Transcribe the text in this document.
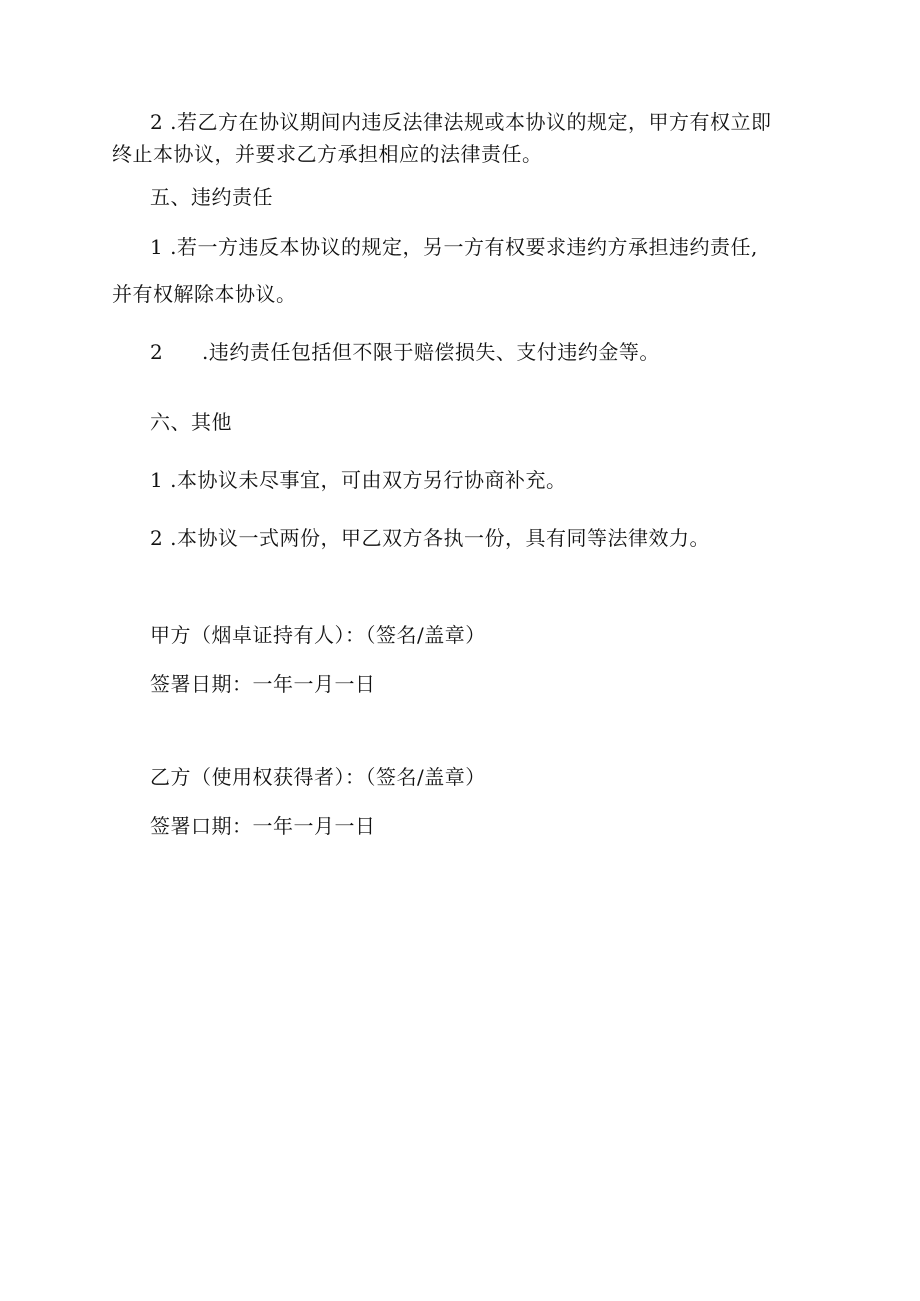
2 .若乙方在协议期间内违反法律法规或本协议的规定，甲方有权立即
终止本协议，并要求乙方承担相应的法律责任。
五、违约责任
1 .若一方违反本协议的规定，另一方有权要求违约方承担违约责任,
并有权解除本协议。
2 .违约责任包括但不限于赔偿损失、支付违约金等。
六、其他
1 .本协议未尽事宜，可由双方另行协商补充。
2 .本协议一式两份，甲乙双方各执一份，具有同等法律效力。
甲方（烟卓证持有人）：（签名/盖章）
签署日期：一年一月一日
乙方（使用权获得者）：（签名/盖章）
签署口期：一年一月一日
